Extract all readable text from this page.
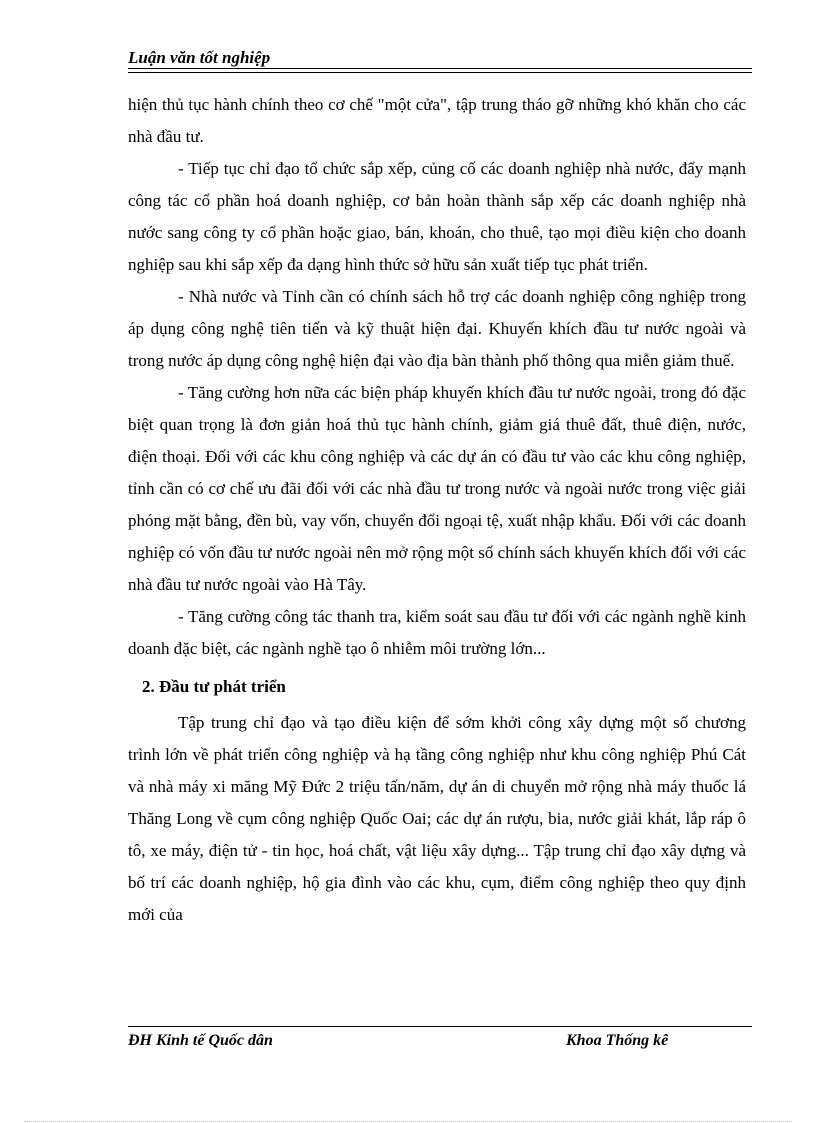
Luận văn tốt nghiệp

hiện thủ tục hành chính theo cơ chế "một cửa", tập trung tháo gỡ những khó khăn cho các nhà đầu tư.

- Tiếp tục chỉ đạo tổ chức sắp xếp, củng cố các doanh nghiệp nhà nước, đẩy mạnh công tác cổ phần hoá doanh nghiệp, cơ bản hoàn thành sắp xếp các doanh nghiệp nhà nước sang công ty cổ phần hoặc giao, bán, khoán, cho thuê, tạo mọi điều kiện cho doanh nghiệp sau khi sắp xếp đa dạng hình thức sở hữu sản xuất tiếp tục phát triển.

- Nhà nước và Tỉnh cần có chính sách hỗ trợ các doanh nghiệp công nghiệp trong áp dụng công nghệ tiên tiến và kỹ thuật hiện đại. Khuyến khích đầu tư nước ngoài và trong nước áp dụng công nghệ hiện đại vào địa bàn thành phố thông qua miễn giảm thuế.

- Tăng cường hơn nữa các biện pháp khuyến khích đầu tư nước ngoài, trong đó đặc biệt quan trọng là đơn giản hoá thủ tục hành chính, giảm giá thuê đất, thuê điện, nước, điện thoại. Đối với các khu công nghiệp và các dự án có đầu tư vào các khu công nghiệp, tỉnh cần có cơ chế ưu đãi đối với các nhà đầu tư trong nước và ngoài nước trong việc giải phóng mặt bằng, đền bù, vay vốn, chuyển đổi ngoại tệ, xuất nhập khẩu. Đối với các doanh nghiệp có vốn đầu tư nước ngoài nên mở rộng một số chính sách khuyến khích đối với các nhà đầu tư nước ngoài vào Hà Tây.

- Tăng cường công tác thanh tra, kiểm soát sau đầu tư đối với các ngành nghề kinh doanh đặc biệt, các ngành nghề tạo ô nhiễm môi trường lớn...

2. Đầu tư phát triển

Tập trung chỉ đạo và tạo điều kiện để sớm khởi công xây dựng một số chương trình lớn về phát triển công nghiệp và hạ tầng công nghiệp như khu công nghiệp Phú Cát và nhà máy xi măng Mỹ Đức 2 triệu tấn/năm, dự án di chuyển mở rộng nhà máy thuốc lá Thăng Long về cụm công nghiệp Quốc Oai; các dự án rượu, bia, nước giải khát, lắp ráp ô tô, xe máy, điện tử - tin học, hoá chất, vật liệu xây dựng... Tập trung chỉ đạo xây dựng và bố trí các doanh nghiệp, hộ gia đình vào các khu, cụm, điểm công nghiệp theo quy định mới của

ĐH Kinh tế Quốc dân	Khoa Thống kê
